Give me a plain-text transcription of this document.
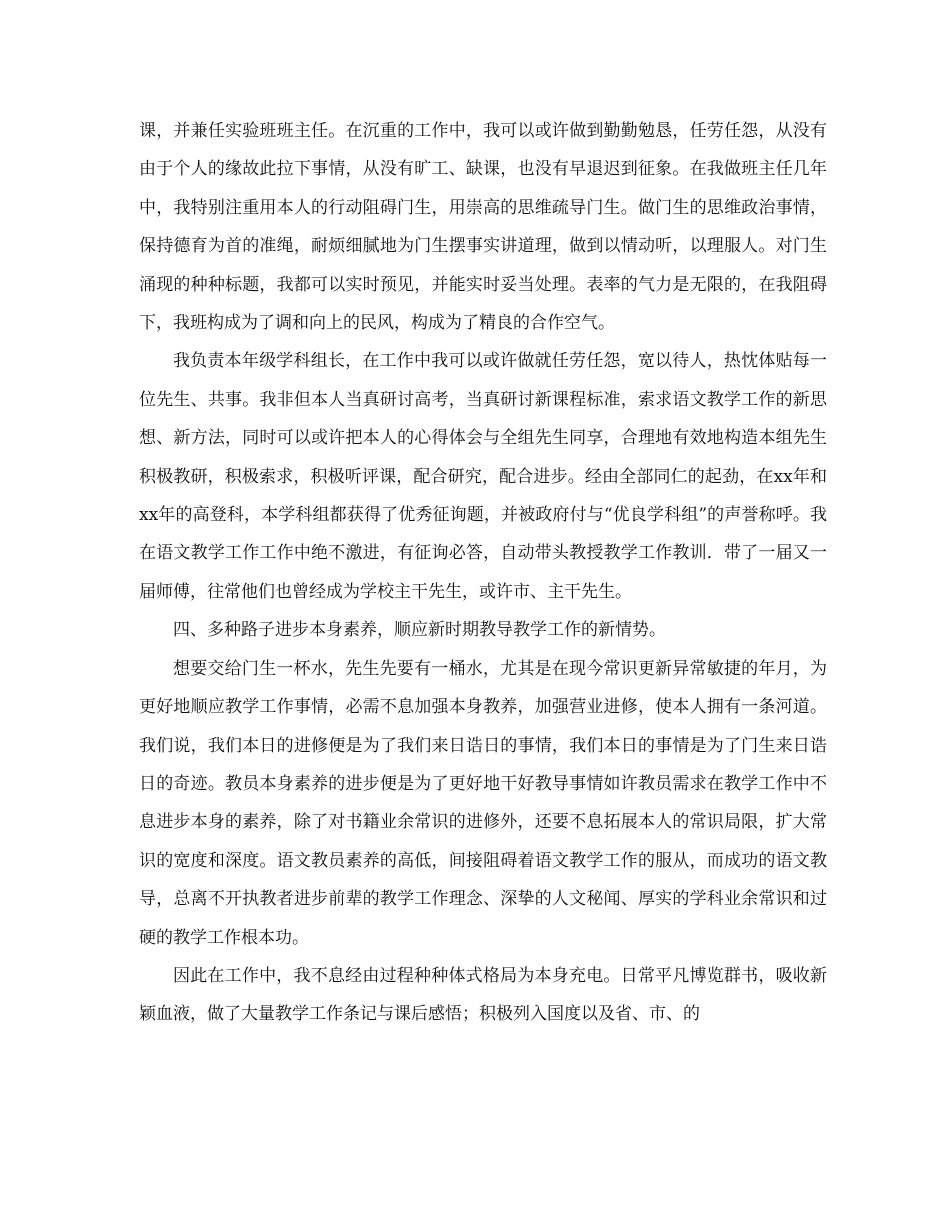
课，并兼任实验班班主任。在沉重的工作中，我可以或许做到勤勤勉恳，任劳任怨，从没有由于个人的缘故此拉下事情，从没有旷工、缺课，也没有早退迟到征象。在我做班主任几年中，我特别注重用本人的行动阻碍门生，用崇高的思维疏导门生。做门生的思维政治事情，保持德育为首的准绳，耐烦细腻地为门生摆事实讲道理，做到以情动听，以理服人。对门生涌现的种种标题，我都可以实时预见，并能实时妥当处理。表率的气力是无限的，在我阻碍下，我班构成为了调和向上的民风，构成为了精良的合作空气。

我负责本年级学科组长，在工作中我可以或许做就任劳任怨，宽以待人，热忱体贴每一位先生、共事。我非但本人当真研讨高考，当真研讨新课程标准，索求语文教学工作的新思想、新方法，同时可以或许把本人的心得体会与全组先生同享，合理地有效地构造本组先生积极教研，积极索求，积极听评课，配合研究，配合进步。经由全部同仁的起劲，在xx年和xx年的高登科，本学科组都获得了优秀征询题，并被政府付与“优良学科组”的声誉称呼。我在语文教学工作工作中绝不激进，有征询必答，自动带头教授教学工作教训．带了一届又一届师傅，往常他们也曾经成为学校主干先生，或许市、主干先生。

四、多种路子进步本身素养，顺应新时期教导教学工作的新情势。

想要交给门生一杯水，先生先要有一桶水，尤其是在现今常识更新异常敏捷的年月，为更好地顺应教学工作事情，必需不息加强本身教养，加强营业进修，使本人拥有一条河道。我们说，我们本日的进修便是为了我们来日诰日的事情，我们本日的事情是为了门生来日诰日的奇迹。教员本身素养的进步便是为了更好地干好教导事情如许教员需求在教学工作中不息进步本身的素养，除了对书籍业余常识的进修外，还要不息拓展本人的常识局限，扩大常识的宽度和深度。语文教员素养的高低，间接阻碍着语文教学工作的服从，而成功的语文教导，总离不开执教者进步前辈的教学工作理念、深挚的人文秘闻、厚实的学科业余常识和过硬的教学工作根本功。

因此在工作中，我不息经由过程种种体式格局为本身充电。日常平凡博览群书，吸收新颖血液，做了大量教学工作条记与课后感悟；积极列入国度以及省、市、的
